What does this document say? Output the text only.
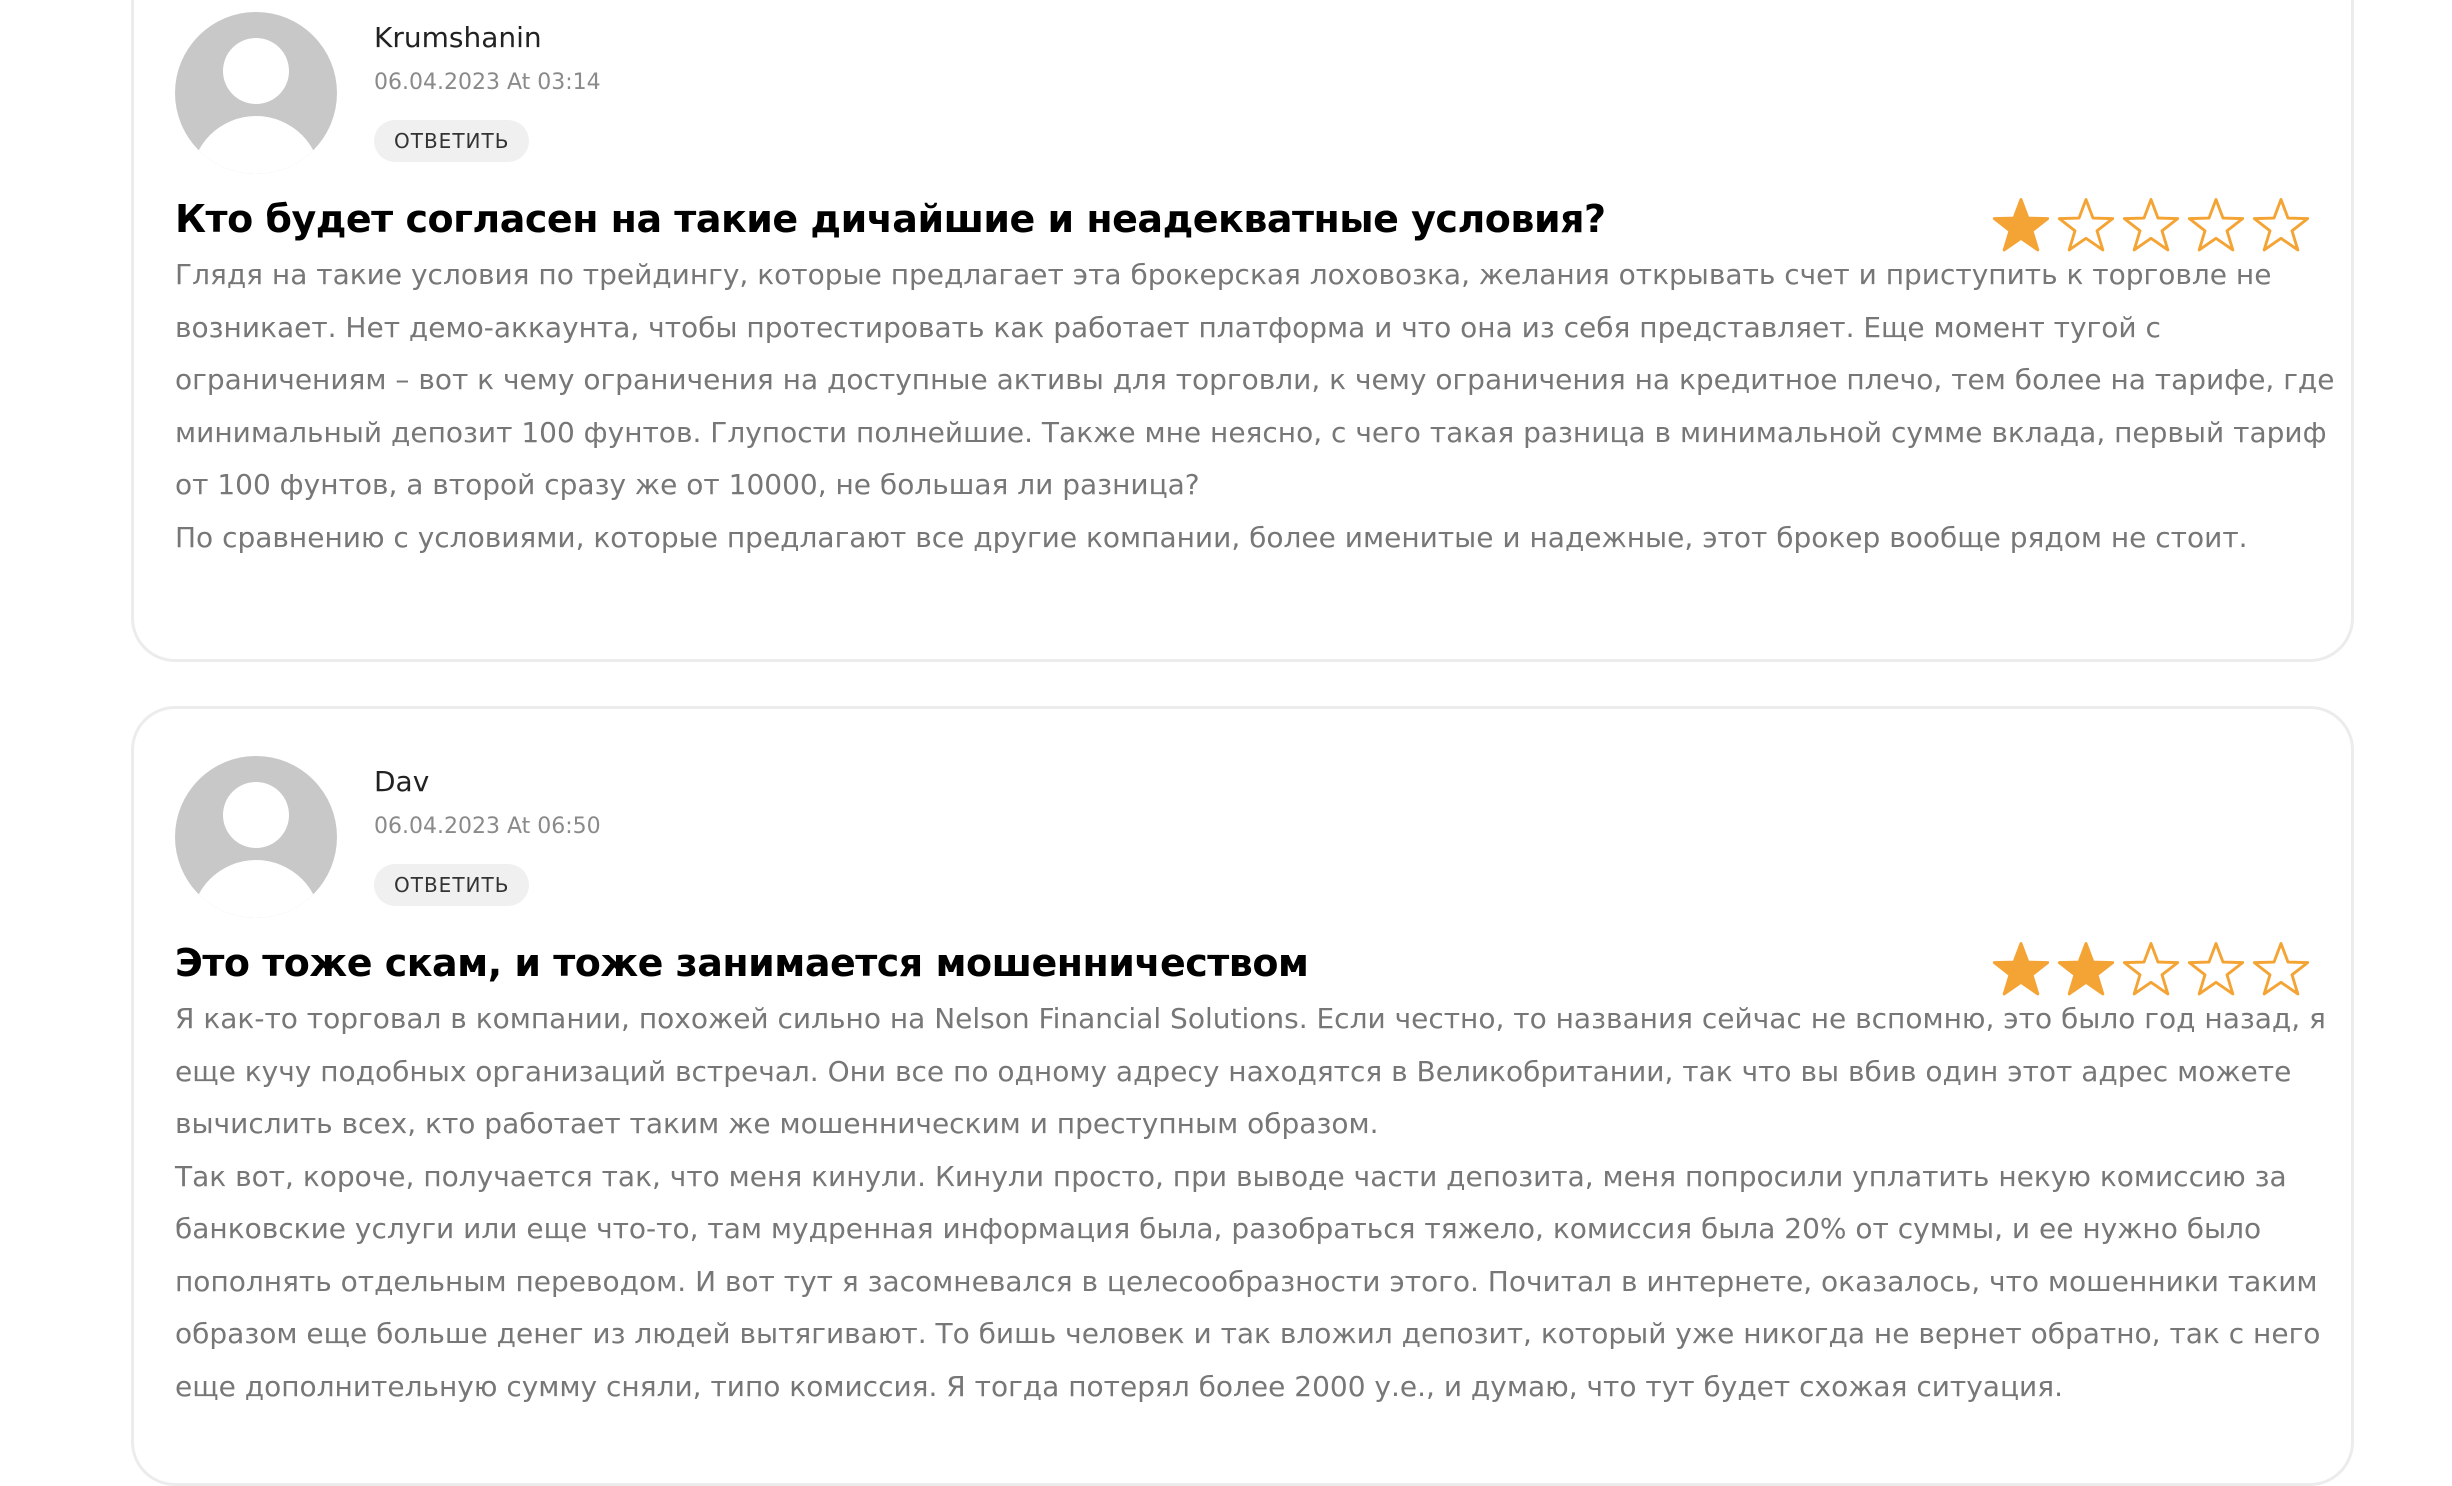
Krumshanin
06.04.2023 At 03:14
ОТВЕТИТЬ
Кто будет согласен на такие дичайшие и неадекватные условия?

Глядя на такие условия по трейдингу, которые предлагает эта брокерская лоховозка, желания открывать счет и приступить к торговле не возникает. Нет демо-аккаунта, чтобы протестировать как работает платформа и что она из себя представляет. Еще момент тугой с ограничениям – вот к чему ограничения на доступные активы для торговли, к чему ограничения на кредитное плечо, тем более на тарифе, где минимальный депозит 100 фунтов. Глупости полнейшие. Также мне неясно, с чего такая разница в минимальной сумме вклада, первый тариф от 100 фунтов, а второй сразу же от 10000, не большая ли разница?

По сравнению с условиями, которые предлагают все другие компании, более именитые и надежные, этот брокер вообще рядом не стоит.

Dav
06.04.2023 At 06:50
ОТВЕТИТЬ
Это тоже скам, и тоже занимается мошенничеством

Я как-то торговал в компании, похожей сильно на Nelson Financial Solutions. Если честно, то названия сейчас не вспомню, это было год назад, я еще кучу подобных организаций встречал. Они все по одному адресу находятся в Великобритании, так что вы вбив один этот адрес можете вычислить всех, кто работает таким же мошенническим и преступным образом.

Так вот, короче, получается так, что меня кинули. Кинули просто, при выводе части депозита, меня попросили уплатить некую комиссию за банковские услуги или еще что-то, там мудренная информация была, разобраться тяжело, комиссия была 20% от суммы, и ее нужно было пополнять отдельным переводом. И вот тут я засомневался в целесообразности этого. Почитал в интернете, оказалось, что мошенники таким образом еще больше денег из людей вытягивают. То бишь человек и так вложил депозит, который уже никогда не вернет обратно, так с него еще дополнительную сумму сняли, типо комиссия. Я тогда потерял более 2000 у.е., и думаю, что тут будет схожая ситуация.
